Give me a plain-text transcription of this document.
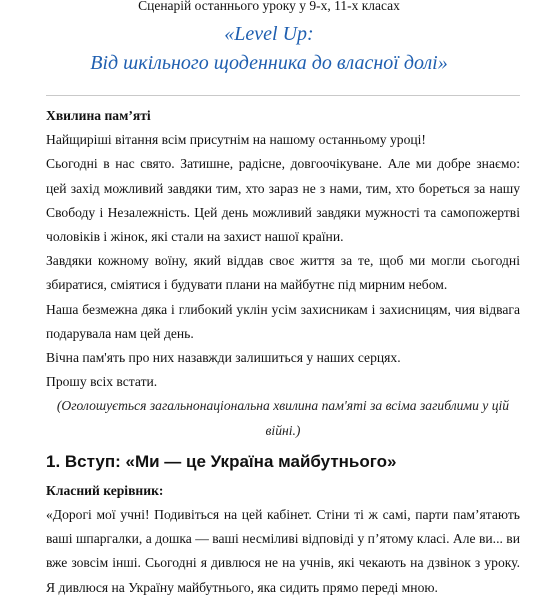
Сценарій останнього уроку у 9-х, 11-х класах
«Level Up:
Від шкільного щоденника до власної долі»

Хвилина пам’яті

Найщиріші вітання всім присутнім на нашому останньому уроці!

Сьогодні в нас свято. Затишне, радісне, довгоочікуване. Але ми добре знаємо: цей захід можливий завдяки тим, хто зараз не з нами, тим, хто бореться за нашу Свободу і Незалежність. Цей день можливий завдяки мужності та самопожертві чоловіків і жінок, які стали на захист нашої країни.

Завдяки кожному воїну, який віддав своє життя за те, щоб ми могли сьогодні збиратися, сміятися і будувати плани на майбутнє під мирним небом.

Наша безмежна дяка і глибокий уклін усім захисникам і захисницям, чия відвага подарувала нам цей день.

Вічна пам'ять про них назавжди залишиться у наших серцях.

Прошу всіх встати.

(Оголошується загальнонаціональна хвилина пам'яті за всіма загиблими у цій війні.)

1. Вступ: «Ми — це Україна майбутнього»

Класний керівник:

«Дорогі мої учні! Подивіться на цей кабінет. Стіни ті ж самі, парти пам’ятають ваші шпаргалки, а дошка — ваші несміливі відповіді у п’ятому класі. Але ви... ви вже зовсім інші. Сьогодні я дивлюся не на учнів, які чекають на дзвінок з уроку. Я дивлюся на Україну майбутнього, яка сидить прямо переді мною.
